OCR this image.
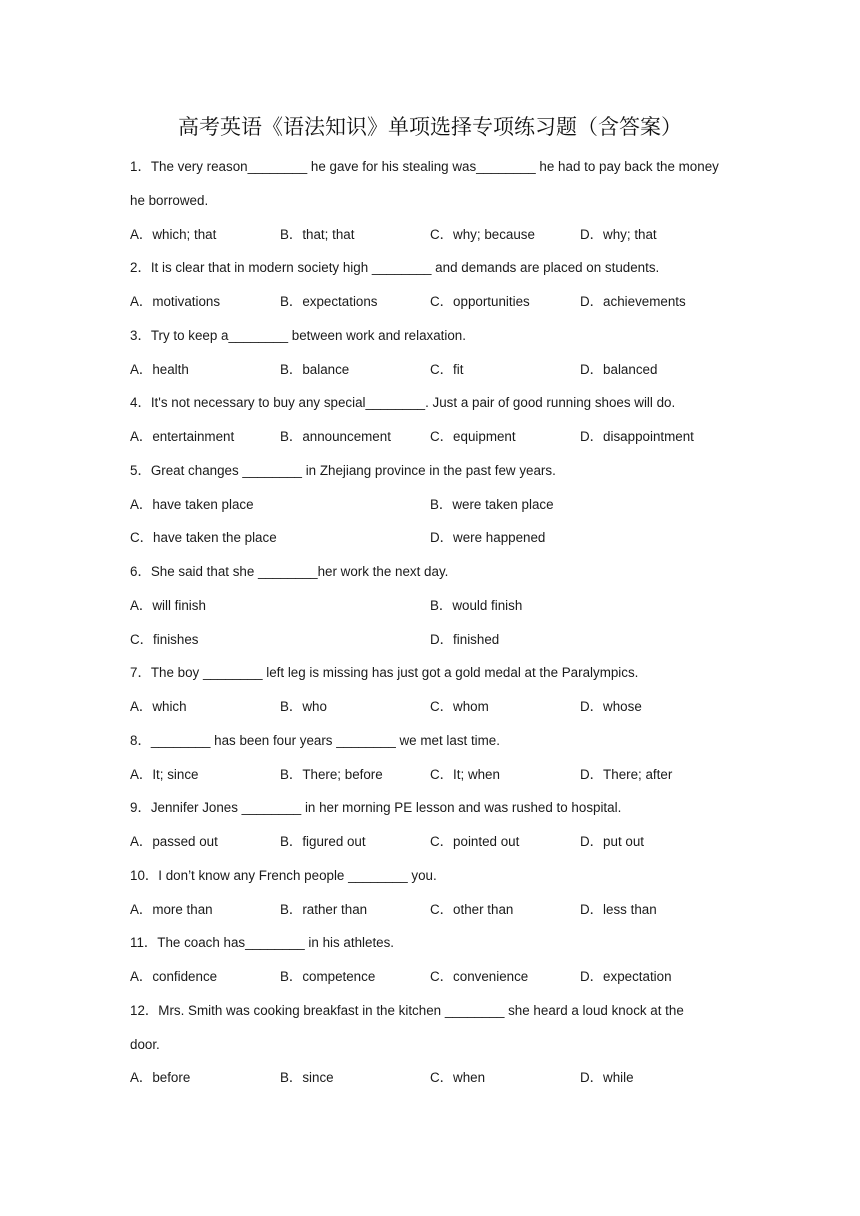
高考英语《语法知识》单项选择专项练习题（含答案）
1．The very reason________ he gave for his stealing was________ he had to pay back the money
he borrowed.
A．which; that	B．that; that	C．why; because	D．why; that
2．It is clear that in modern society high ________ and demands are placed on students.
A．motivations	B．expectations	C．opportunities	D．achievements
3．Try to keep a________ between work and relaxation.
A．health	B．balance	C．fit	D．balanced
4．It's not necessary to buy any special________. Just a pair of good running shoes will do.
A．entertainment	B．announcement	C．equipment	D．disappointment
5．Great changes ________ in Zhejiang province in the past few years.
A．have taken place	B．were taken place
C．have taken the place	D．were happened
6．She said that she ________her work the next day.
A．will finish	B．would finish
C．finishes	D．finished
7．The boy ________ left leg is missing has just got a gold medal at the Paralympics.
A．which	B．who	C．whom	D．whose
8．________ has been four years ________ we met last time.
A．It; since	B．There; before	C．It; when	D．There; after
9．Jennifer Jones ________ in her morning PE lesson and was rushed to hospital.
A．passed out	B．figured out	C．pointed out	D．put out
10．I don’t know any French people ________ you.
A．more than	B．rather than	C．other than	D．less than
11．The coach has________ in his athletes.
A．confidence	B．competence	C．convenience	D．expectation
12．Mrs. Smith was cooking breakfast in the kitchen ________ she heard a loud knock at the
door.
A．before	B．since	C．when	D．while
